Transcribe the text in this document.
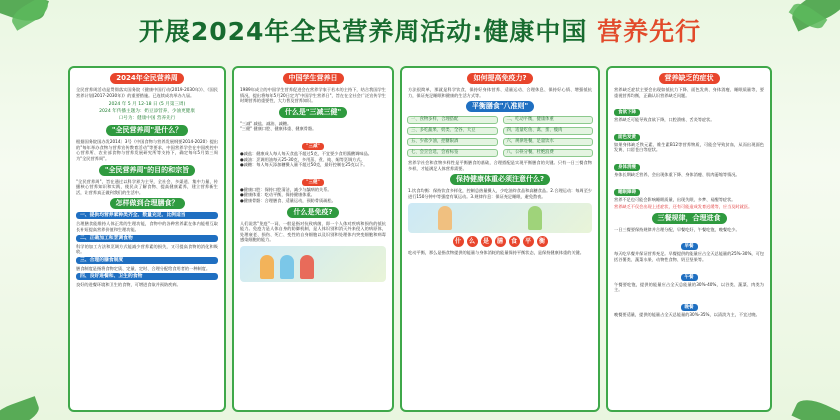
开展2024年全民营养周活动:健康中国 营养先行
2024年全民营养周
全民营养周活动是贯彻落实国务院《健康中国行动(2019-2030年)》、《国民营养计划(2017-2030年)》的重要措施。已连续成功举办九届。
2024 年 5 月 12-18 日 (5 月第三周)
2024 年传播主题为：奶豆添营养，少油更健康
口号为：健康中国 营养先行
"全民营养周"是什么？
根据国务院国办发2014〕3号《中国食物与营养发展纲要2014-2020》提出的"每年举办食物与营养宣传教育活动"等要求，中国营养学会在中国疾控中心营养所、农业部食物与营养发展研究所等支持下，确定每年5月第三周为"全民营养周"。
"全民营养周"的目的和宗旨
"全民营养周"，旨在通过以科学界为主导，全社会、多渠道、集中力量，传播核心营养知识和实践，使民众了解食物、提高健康素养，建立营养新生活，让营养真正做到我们的生活中。
怎样做到合理膳食？
一、提供均营养素种类齐全、数量充足、比例适当
合理膳食能维持人体正常的生理功能，食物中的各种营养素在体内能相互取长补短提高营养价值和生理功能。
二、正确加工和烹调食物
科学的加工方法和烹调方式能减少营养素的损失，又可提高食物的消化和吸收。
三、合理的膳食制度
膳食制度是指将食物定质、定量、定时、合理分配给食用者的一种制度。
四、良好进餐和、卫生的食物
良好的进餐环境和卫生的食物，可增进食欲并预防疾病。
中国学生营养日
1989年成立的中国学生营养促进会在营养学家于若木的主持下，结合我国学生情况，提出将每年5月20日定为"中国学生营养日"，旨在在全社会广泛宣传学生时期营养的重要性，大力普及营养知识。
什么是"三减三健"
"三减" 减盐、减油、减糖。
"三健" 健康口腔、健康体重、健康骨骼。
"三减"
●减盐：健康成人每人每天食盐不超过5克，不宜要少食用酱酸调味品。
●减油：烹调用油每天25-30克，多用蒸、煮、炖、焖等烹调方式。
●减糖：每人每天添加糖摄入量不超过50克，最好控制在25克以下。
"三健"
●健康口腔：保持口腔清洁，减少与龋病的关系。
●健康体重：吃动平衡，保持健康体重。
●健康骨骼：合理膳食、适量运动，预防骨质疏松。
什么是免疫?
人们说常"免疫"一词，一般是指对抗致病菌，即一个人体对疾病和损伤的抵抗能力。免疫力是人体自身的防御机制，是人体识别和消灭外来侵入的病原体，处理衰老、损伤、死亡、变性的自身细胞以及识别和处理体内突变细胞和病毒感染细胞的能力。
如何提高免疫力?
方法很简单，那就是科学饮食，保持好身体营养、适量运动、合理休息、保持好心情、增强抵抗力，保证充足睡眠和健康的生活方式等。
平衡膳食"八准则"
一、食物多样，合理搭配	二、吃动平衡，健康体重
三、多吃蔬果、奶类、全谷、大豆	四、适量吃鱼、禽、蛋、瘦肉
五、少盐少油，控糖限酒	六、规律进餐，足量饮水
七、会烹会选，会看标签	八、公筷分餐，杜绝浪费
营养学社会和食物多样性是平衡膳食的基础，合理搭配是实现平衡膳食的关键。只有一日三餐食物多样，才能满足人体营养需要。
保持健康体重必须注意什么?
1.饮食均衡：保持饮食多样化，控制总热量摄入，少吃油炸食品和高糖食品。2.合理运动：每周至少进行150分钟中等强度有氧运动。3.规律作息：保证充足睡眠，避免熬夜。
什	么	是	膳	食	平	衡
吃动平衡，那么是指食物提供的能量与身体消耗的能量保持平衡状态，是保持健康体重的关键。
营养缺乏的症状
营养缺乏症状主要会出现如抵抗力下降、面色发黄、身体消瘦、睡眠质量等，要重视营养均衡，正确认识营养缺乏问题。
食欲下降
营养缺乏可能导致食欲下降，口腔溃疡、舌炎等症状。
面色发黄
如果身体缺乏铁元素、维生素B12等营养物质，可能会导致贫血，从而出现面色发黄、口唇苍白等症状。
身体消瘦
身体长期缺乏营养，会出现体重下降、身体消瘦、肌肉萎缩等情况。
睡眠障碍
营养不足也可能会影响睡眠质量，出现失眠、多梦、易醒等症状。
营养缺乏不仅会出现上述症状，还有可能造成发育迟缓等，应当及时就医。
三餐规律，合理进食
一日三餐要保持规律并合理分配，早餐吃好，午餐吃饱，晚餐吃少。
早餐
每天吃早餐并保证营养充足。早餐提供的能量应占全天总能量的25%-30%，可包括谷薯类、蔬菜水果、动物性食物、奶豆坚果等。
午餐
午餐要吃饱，提供的能量应占全天总能量的30%-40%，以谷类、蔬菜、肉类为主。
晚餐
晚餐要适量，提供的能量占全天总能量的30%-35%，以清淡为主，不宜过晚。
